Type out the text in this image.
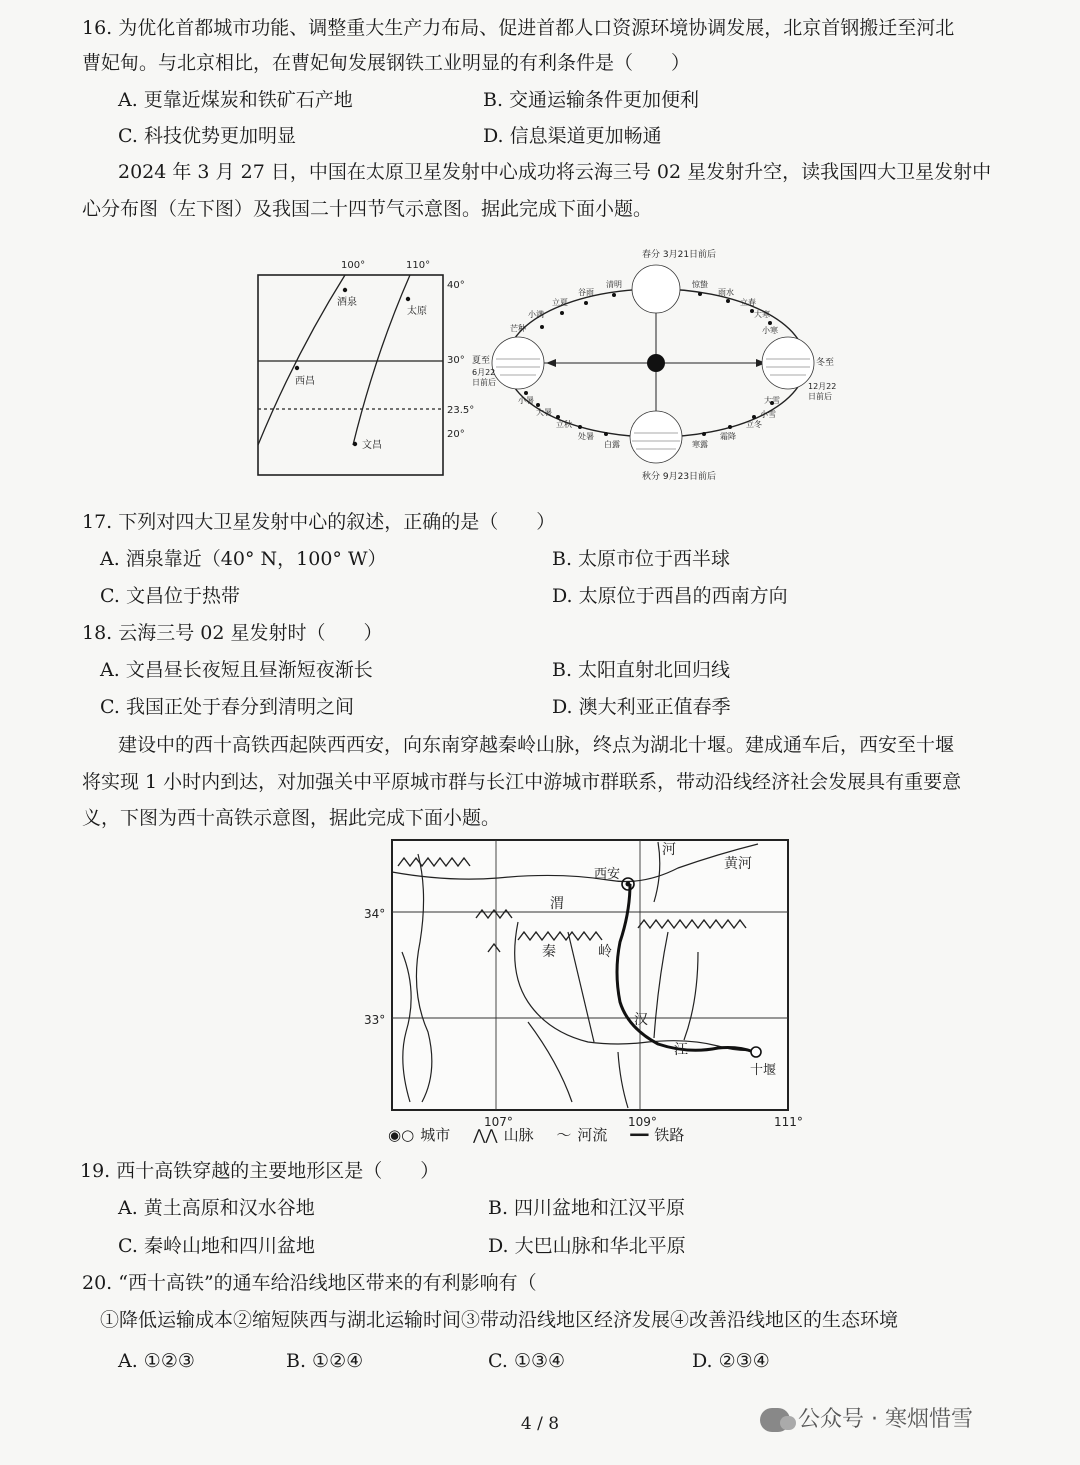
16. 为优化首都城市功能、调整重大生产力布局、促进首都人口资源环境协调发展，北京首钢搬迁至河北
曹妃甸。与北京相比，在曹妃甸发展钢铁工业明显的有利条件是（　　）
A. 更靠近煤炭和铁矿石产地	B. 交通运输条件更加便利
C. 科技优势更加明显	D. 信息渠道更加畅通
2024 年 3 月 27 日，中国在太原卫星发射中心成功将云海三号 02 星发射升空，读我国四大卫星发射中
心分布图（左下图）及我国二十四节气示意图。据此完成下面小题。
100°	110°
40°
30°
23.5°
20°
酒泉
太原
西昌
文昌
春分 3月21日前后
秋分 9月23日前后
夏至
6月22
日前后
冬至
12月22
日前后
清明
谷雨
立夏
小满
芒种
小暑
大暑
立秋
处暑
白露	寒露
霜降
立冬
小雪
大雪
小寒
大寒
立春
雨水
惊蛰
17. 下列对四大卫星发射中心的叙述，正确的是（　　）
A. 酒泉靠近（40° N，100° W）	B. 太原市位于西半球
C. 文昌位于热带	D. 太原位于西昌的西南方向
18. 云海三号 02 星发射时（　　）
A. 文昌昼长夜短且昼渐短夜渐长	B. 太阳直射北回归线
C. 我国正处于春分到清明之间	D. 澳大利亚正值春季
建设中的西十高铁西起陕西西安，向东南穿越秦岭山脉，终点为湖北十堰。建成通车后，西安至十堰
将实现 1 小时内到达，对加强关中平原城市群与长江中游城市群联系，带动沿线经济社会发展具有重要意
义，下图为西十高铁示意图，据此完成下面小题。
34°
33°
107°	109°	111°
西安
河
黄河
渭
秦	岭
汉
江
十堰
◉○ 城市 ⋀⋀ 山脉 〜 河流 ━━ 铁路
19. 西十高铁穿越的主要地形区是（　　）
A. 黄土高原和汉水谷地	B. 四川盆地和江汉平原
C. 秦岭山地和四川盆地	D. 大巴山脉和华北平原
20. “西十高铁”的通车给沿线地区带来的有利影响有（
①降低运输成本②缩短陕西与湖北运输时间③带动沿线地区经济发展④改善沿线地区的生态环境
A. ①②③	B. ①②④	C. ①③④	D. ②③④
4 / 8	公众号 · 寒烟惜雪
